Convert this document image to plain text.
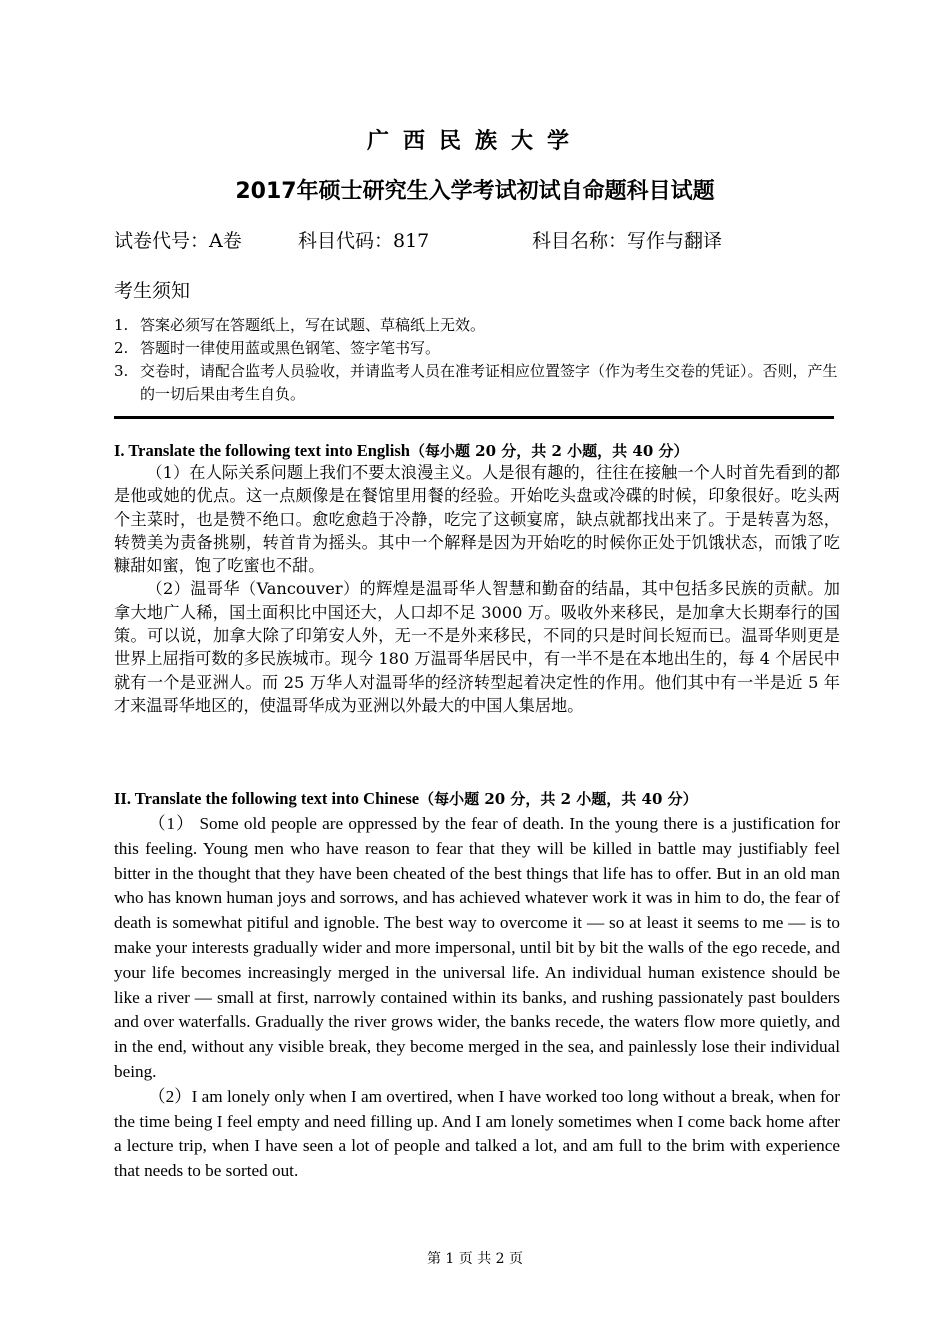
广西民族大学
2017年硕士研究生入学考试初试自命题科目试题
试卷代号：A卷	科目代码：817	科目名称：写作与翻译
考生须知
1. 答案必须写在答题纸上，写在试题、草稿纸上无效。
2. 答题时一律使用蓝或黑色钢笔、签字笔书写。
3. 交卷时，请配合监考人员验收，并请监考人员在准考证相应位置签字（作为考生交卷的凭证）。否则，产生的一切后果由考生自负。
I. Translate the following text into English（每小题 20 分，共 2 小题，共 40 分）

（1）在人际关系问题上我们不要太浪漫主义。人是很有趣的，往往在接触一个人时首先看到的都是他或她的优点。这一点颇像是在餐馆里用餐的经验。开始吃头盘或冷碟的时候，印象很好。吃头两个主菜时，也是赞不绝口。愈吃愈趋于冷静，吃完了这顿宴席，缺点就都找出来了。于是转喜为怒，转赞美为责备挑剔，转首肯为摇头。其中一个解释是因为开始吃的时候你正处于饥饿状态，而饿了吃糠甜如蜜，饱了吃蜜也不甜。

（2）温哥华（Vancouver）的辉煌是温哥华人智慧和勤奋的结晶，其中包括多民族的贡献。加拿大地广人稀，国土面积比中国还大，人口却不足 3000 万。吸收外来移民，是加拿大长期奉行的国策。可以说，加拿大除了印第安人外，无一不是外来移民，不同的只是时间长短而已。温哥华则更是世界上屈指可数的多民族城市。现今 180 万温哥华居民中，有一半不是在本地出生的，每 4 个居民中就有一个是亚洲人。而 25 万华人对温哥华的经济转型起着决定性的作用。他们其中有一半是近 5 年才来温哥华地区的，使温哥华成为亚洲以外最大的中国人集居地。

II. Translate the following text into Chinese（每小题 20 分，共 2 小题，共 40 分）

（1） Some old people are oppressed by the fear of death. In the young there is a justification for this feeling. Young men who have reason to fear that they will be killed in battle may justifiably feel bitter in the thought that they have been cheated of the best things that life has to offer. But in an old man who has known human joys and sorrows, and has achieved whatever work it was in him to do, the fear of death is somewhat pitiful and ignoble. The best way to overcome it — so at least it seems to me — is to make your interests gradually wider and more impersonal, until bit by bit the walls of the ego recede, and your life becomes increasingly merged in the universal life. An individual human existence should be like a river — small at first, narrowly contained within its banks, and rushing passionately past boulders and over waterfalls. Gradually the river grows wider, the banks recede, the waters flow more quietly, and in the end, without any visible break, they become merged in the sea, and painlessly lose their individual being.

（2）I am lonely only when I am overtired, when I have worked too long without a break, when for the time being I feel empty and need filling up. And I am lonely sometimes when I come back home after a lecture trip, when I have seen a lot of people and talked a lot, and am full to the brim with experience that needs to be sorted out.

第 1 页 共 2 页
